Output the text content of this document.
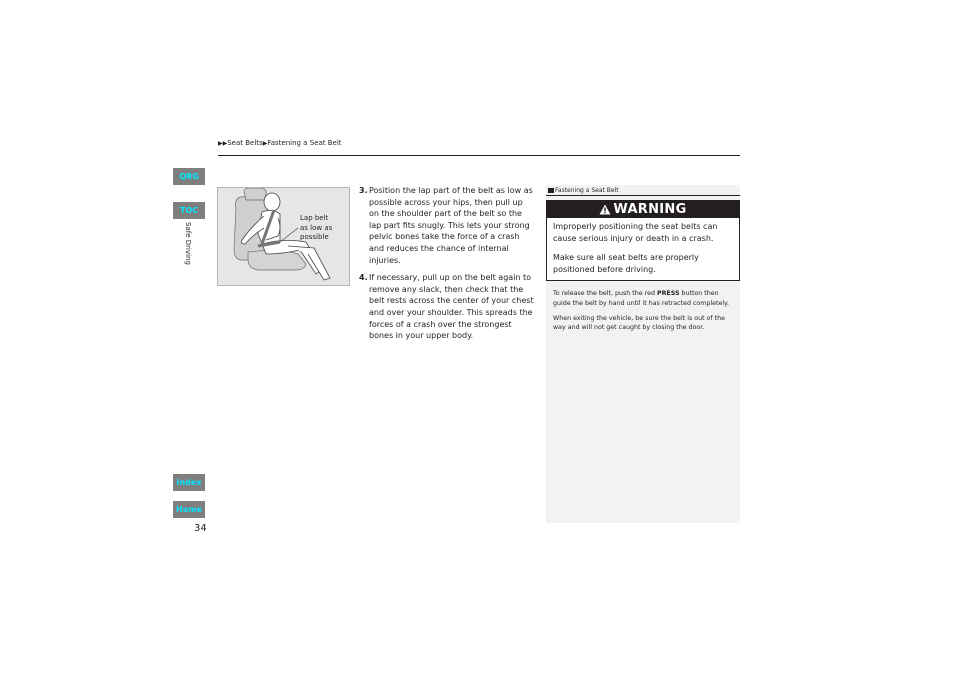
▶▶Seat Belts▶Fastening a Seat Belt
QRG
TOC
Safe Driving
Index
Home
34
Lap belt
as low as
possible
3. Position the lap part of the belt as low as possible across your hips, then pull up on the shoulder part of the belt so the lap part fits snugly. This lets your strong pelvic bones take the force of a crash and reduces the chance of internal injuries.
4. If necessary, pull up on the belt again to remove any slack, then check that the belt rests across the center of your chest and over your shoulder. This spreads the forces of a crash over the strongest bones in your upper body.
Fastening a Seat Belt
WARNING

Improperly positioning the seat belts can cause serious injury or death in a crash.

Make sure all seat belts are properly positioned before driving.

To release the belt, push the red PRESS button then guide the belt by hand until it has retracted completely.

When exiting the vehicle, be sure the belt is out of the way and will not get caught by closing the door.
